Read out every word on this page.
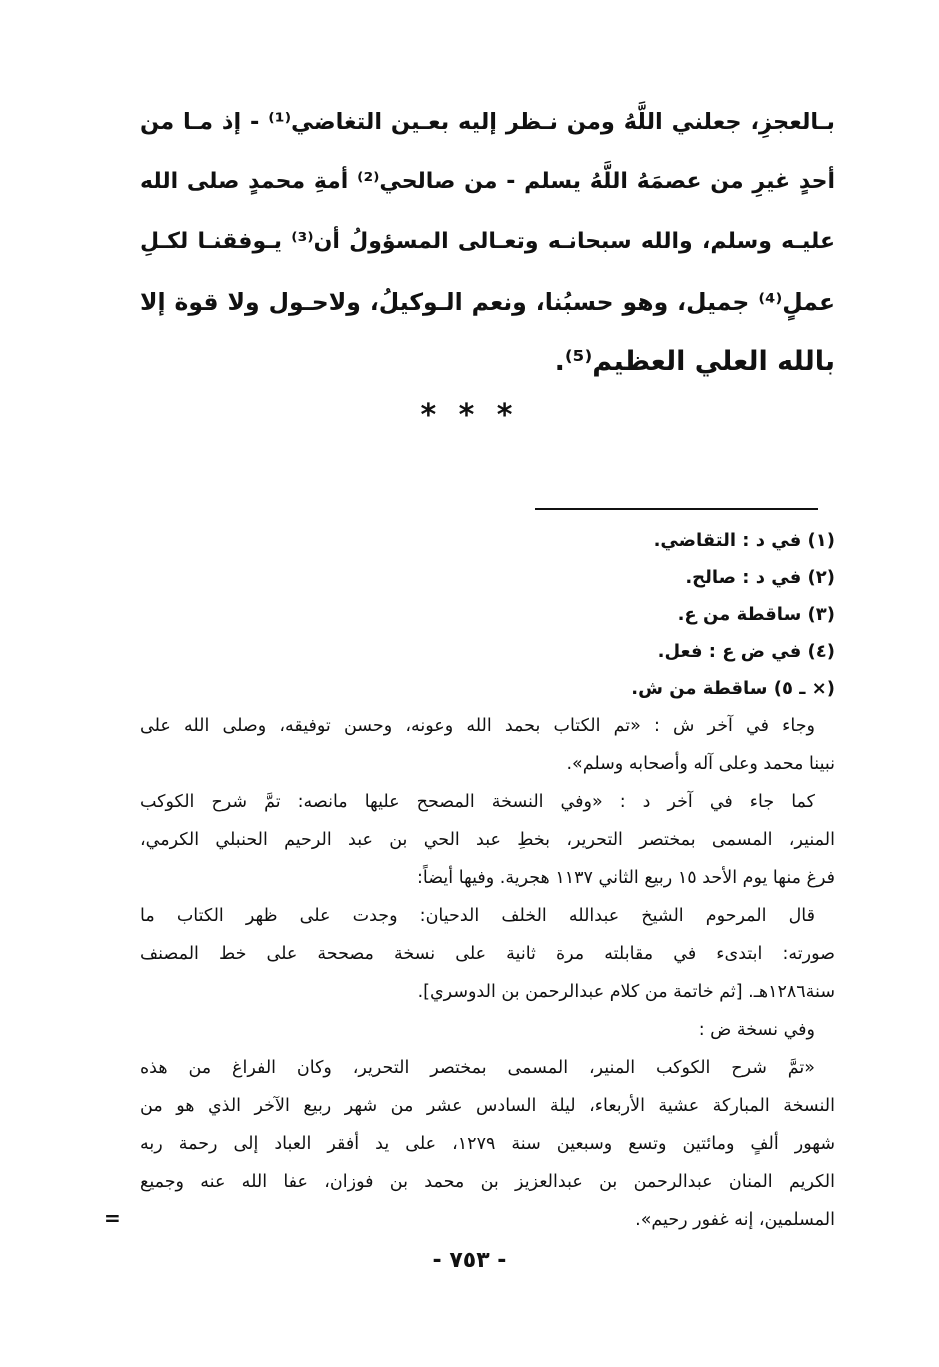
بـالعجزِ، جعلني اللَّهُ ومن نـظر إليه بعـين التغاضي⁽¹⁾ - إذ مـا من
أحدٍ غيرِ من عصمَهُ اللَّهُ يسلم - من صالحي⁽²⁾ أمةِ محمدٍ صلى الله
عليـه وسلم، والله سبحانـه وتعـالى المسؤولُ أن⁽³⁾ يـوفقنـا لكـلِ
عملٍ⁽⁴⁾ جميل، وهو حسبُنا، ونعم الـوكيلُ، ولاحـول ولا قوة إلا
بالله العلي العظيم⁽⁵⁾.
* * *
(١) في د : التقاضي.
(٢) في د : صالح.
(٣) ساقطة من ع.
(٤) في ض ع : فعل.
(× ـ ٥) ساقطة من ش.
وجاء في آخر ش : «تم الكتاب بحمد الله وعونه، وحسن توفيقه، وصلى الله على
نبينا محمد وعلى آله وأصحابه وسلم».
كما جاء في آخر د : «وفي النسخة المصحح عليها مانصه: تمَّ شرح الكوكب
المنير، المسمى بمختصر التحرير، بخطِ عبد الحي بن عبد الرحيم الحنبلي الكرمي،
فرغ منها يوم الأحد ١٥ ربيع الثاني ١١٣٧ هجرية. وفيها أيضاً:
قال المرحوم الشيخ عبدالله الخلف الدحيان: وجدت على ظهر الكتاب ما
صورته: ابتدىء في مقابلته مرة ثانية على نسخة مصححة على خط المصنف
سنة١٢٨٦هـ. [ثم خاتمة من كلام عبدالرحمن بن الدوسري].
وفي نسخة ض :
«تمَّ شرح الكوكب المنير، المسمى بمختصر التحرير، وكان الفراغ من هذه
النسخة المباركة عشية الأربعاء، ليلة السادس عشر من شهر ربيع الآخر الذي هو من
شهور ألفٍ ومائتين وتسع وسبعين سنة ١٢٧٩، على يد أفقر العباد إلى رحمة ربه
الكريم المنان عبدالرحمن بن عبدالعزيز بن محمد بن فوزان، عفا الله عنه وجميع
المسلمين، إنه غفور رحيم».
=
- ٧٥٣ -
